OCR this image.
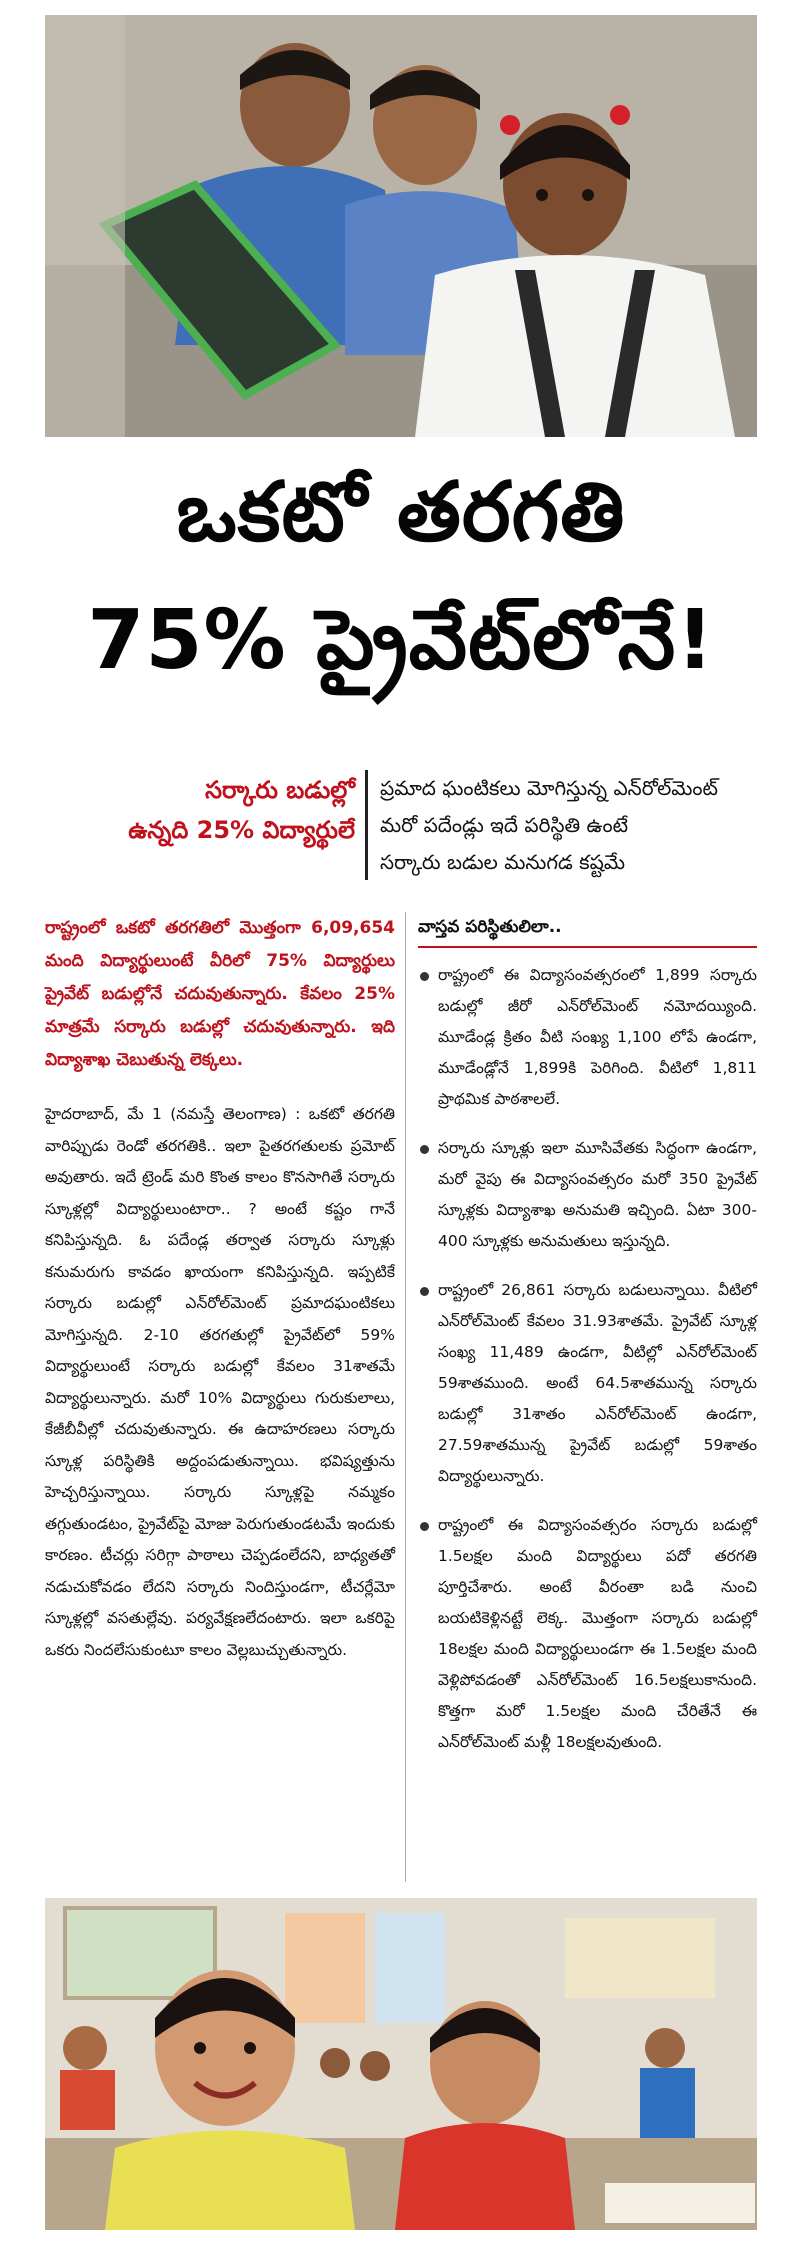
ఒకటో తరగతి
75% ప్రైవేట్‌లోనే!
సర్కారు బడుల్లో
ఉన్నది 25% విద్యార్థులే
ప్రమాద ఘంటికలు మోగిస్తున్న ఎన్‌రోల్‌మెంట్
మరో పదేండ్లు ఇదే పరిస్థితి ఉంటే
సర్కారు బడుల మనుగడ కష్టమే

రాష్ట్రంలో ఒకటో తరగతిలో మొత్తంగా 6,09,654 మంది విద్యార్థులుంటే వీరిలో 75% విద్యార్థులు ప్రైవేట్ బడుల్లోనే చదువుతున్నారు. కేవలం 25% మాత్రమే సర్కారు బడుల్లో చదువుతున్నారు. ఇది విద్యాశాఖ చెబుతున్న లెక్కలు.

హైదరాబాద్, మే 1 (నమస్తే తెలంగాణ) : ఒకటో తరగతి వారిప్పుడు రెండో తరగతికి.. ఇలా పైతరగతులకు ప్రమోట్ అవుతారు. ఇదే ట్రెండ్ మరి కొంత కాలం కొనసాగితే సర్కారు స్కూళ్లల్లో విద్యార్థులుంటారా.. ? అంటే కష్టం గానే కనిపిస్తున్నది. ఓ పదేండ్ల తర్వాత సర్కారు స్కూళ్లు కనుమరుగు కావడం ఖాయంగా కనిపిస్తున్నది. ఇప్పటికే సర్కారు బడుల్లో ఎన్‌రోల్‌మెంట్ ప్రమాదఘంటికలు మోగిస్తున్నది. 2-10 తరగతుల్లో ప్రైవేట్‌లో 59% విద్యార్థులుంటే సర్కారు బడుల్లో కేవలం 31శాతమే విద్యార్థులున్నారు. మరో 10% విద్యార్థులు గురుకులాలు, కేజీబీవీల్లో చదువుతున్నారు. ఈ ఉదాహరణలు సర్కారు స్కూళ్ల పరిస్థితికి అద్దంపడుతున్నాయి. భవిష్యత్తును హెచ్చరిస్తున్నాయి. సర్కారు స్కూళ్లపై నమ్మకం తగ్గుతుండటం, ప్రైవేట్‌పై మోజు పెరుగుతుండటమే ఇందుకు కారణం. టీచర్లు సరిగ్గా పాఠాలు చెప్పడంలేదని, బాధ్యతతో నడుచుకోవడం లేదని సర్కారు నిందిస్తుండగా, టీచర్లేమో స్కూళ్లల్లో వసతుల్లేవు. పర్యవేక్షణలేదంటారు. ఇలా ఒకరిపై ఒకరు నిందలేసుకుంటూ కాలం వెల్లబుచ్చుతున్నారు.

వాస్తవ పరిస్థితులిలా..
రాష్ట్రంలో ఈ విద్యాసంవత్సరంలో 1,899 సర్కారు బడుల్లో జీరో ఎన్‌రోల్‌మెంట్ నమోదయ్యింది. మూడేండ్ల క్రితం వీటి సంఖ్య 1,100 లోపే ఉండగా, మూడేండ్లోనే 1,899కి పెరిగింది. వీటిలో 1,811 ప్రాథమిక పాఠశాలలే.
సర్కారు స్కూళ్లు ఇలా మూసివేతకు సిద్ధంగా ఉండగా, మరో వైపు ఈ విద్యాసంవత్సరం మరో 350 ప్రైవేట్ స్కూళ్లకు విద్యాశాఖ అనుమతి ఇచ్చింది. ఏటా 300-400 స్కూళ్లకు అనుమతులు ఇస్తున్నది.
రాష్ట్రంలో 26,861 సర్కారు బడులున్నాయి. వీటిలో ఎన్‌రోల్‌మెంట్ కేవలం 31.93శాతమే. ప్రైవేట్ స్కూళ్ల సంఖ్య 11,489 ఉండగా, వీటిల్లో ఎన్‌రోల్‌మెంట్ 59శాతముంది. అంటే 64.5శాతమున్న సర్కారు బడుల్లో 31శాతం ఎన్‌రోల్‌మెంట్ ఉండగా, 27.59శాతమున్న ప్రైవేట్ బడుల్లో 59శాతం విద్యార్థులున్నారు.
రాష్ట్రంలో ఈ విద్యాసంవత్సరం సర్కారు బడుల్లో 1.5లక్షల మంది విద్యార్థులు పదో తరగతి పూర్తిచేశారు. అంటే వీరంతా బడి నుంచి బయటికెళ్లినట్టే లెక్క. మొత్తంగా సర్కారు బడుల్లో 18లక్షల మంది విద్యార్థులుండగా ఈ 1.5లక్షల మంది వెళ్లిపోవడంతో ఎన్‌రోల్‌మెంట్ 16.5లక్షలుకానుంది. కొత్తగా మరో 1.5లక్షల మంది చేరితేనే ఈ ఎన్‌రోల్‌మెంట్ మళ్లీ 18లక్షలవుతుంది.
